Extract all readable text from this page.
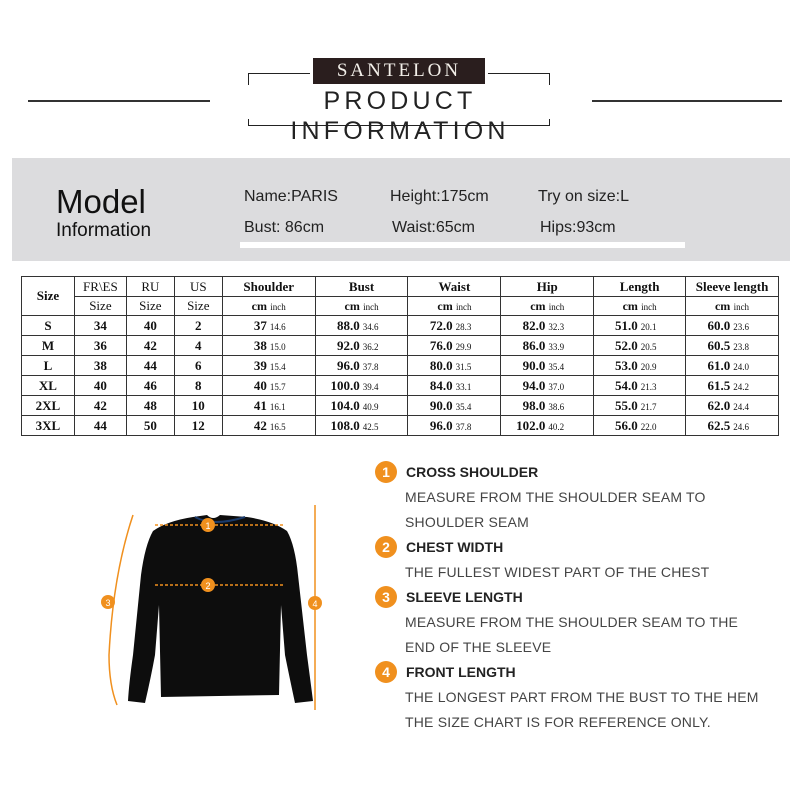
SANTELON
PRODUCT INFORMATION
Model
Information
Name:PARIS	Height:175cm	Try on size:L
Bust: 86cm	Waist:65cm	Hips:93cm
Size	FR\ES	RU	US	Shoulder	Bust	Waist	Hip	Length	Sleeve length
	Size	Size	Size	cm inch	cm inch	cm inch	cm inch	cm inch	cm inch
S	34	40	2	37 14.6	88.0 34.6	72.0 28.3	82.0 32.3	51.0 20.1	60.0 23.6
M	36	42	4	38 15.0	92.0 36.2	76.0 29.9	86.0 33.9	52.0 20.5	60.5 23.8
L	38	44	6	39 15.4	96.0 37.8	80.0 31.5	90.0 35.4	53.0 20.9	61.0 24.0
XL	40	46	8	40 15.7	100.0 39.4	84.0 33.1	94.0 37.0	54.0 21.3	61.5 24.2
2XL	42	48	10	41 16.1	104.0 40.9	90.0 35.4	98.0 38.6	55.0 21.7	62.0 24.4
3XL	44	50	12	42 16.5	108.0 42.5	96.0 37.8	102.0 40.2	56.0 22.0	62.5 24.6
1
2
3	4
1	CROSS SHOULDER
MEASURE FROM THE SHOULDER SEAM TO
SHOULDER SEAM
2	CHEST WIDTH
THE FULLEST WIDEST PART OF THE CHEST
3	SLEEVE LENGTH
MEASURE FROM THE SHOULDER SEAM TO THE
END OF THE SLEEVE
4	FRONT LENGTH
THE LONGEST PART FROM THE BUST TO THE HEM
THE SIZE CHART IS FOR REFERENCE ONLY.
